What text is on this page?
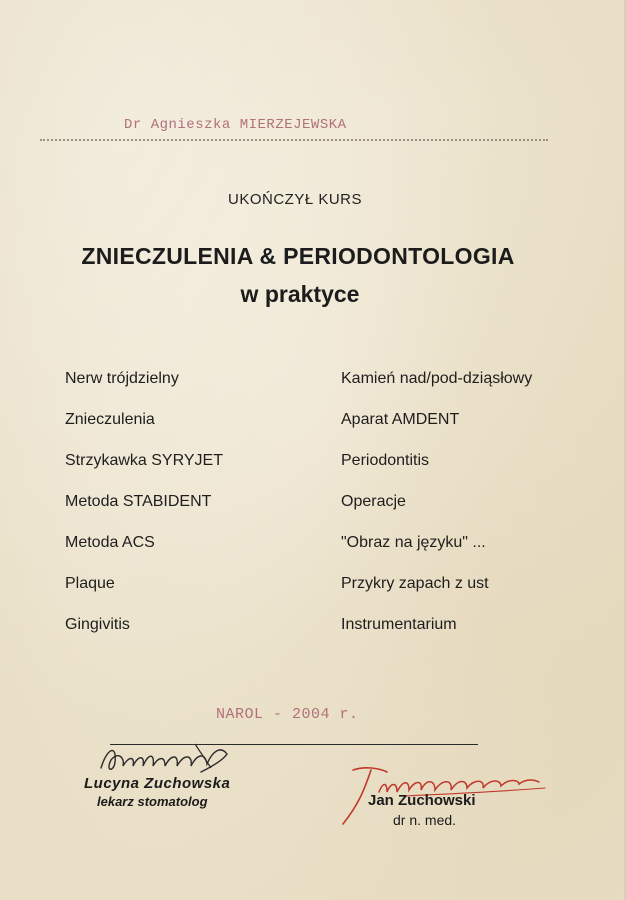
Dr Agnieszka MIERZEJEWSKA
UKOŃCZYŁ KURS
ZNIECZULENIA & PERIODONTOLOGIA
w praktyce
Nerw trójdzielny
Znieczulenia
Strzykawka SYRYJET
Metoda STABIDENT
Metoda ACS
Plaque
Gingivitis
Kamień nad/pod-dziąsłowy
Aparat AMDENT
Periodontitis
Operacje
"Obraz na języku" ...
Przykry zapach z ust
Instrumentarium
NAROL - 2004 r.
Lucyna Zuchowska
lekarz stomatolog	Jan Zuchowski
dr n. med.
